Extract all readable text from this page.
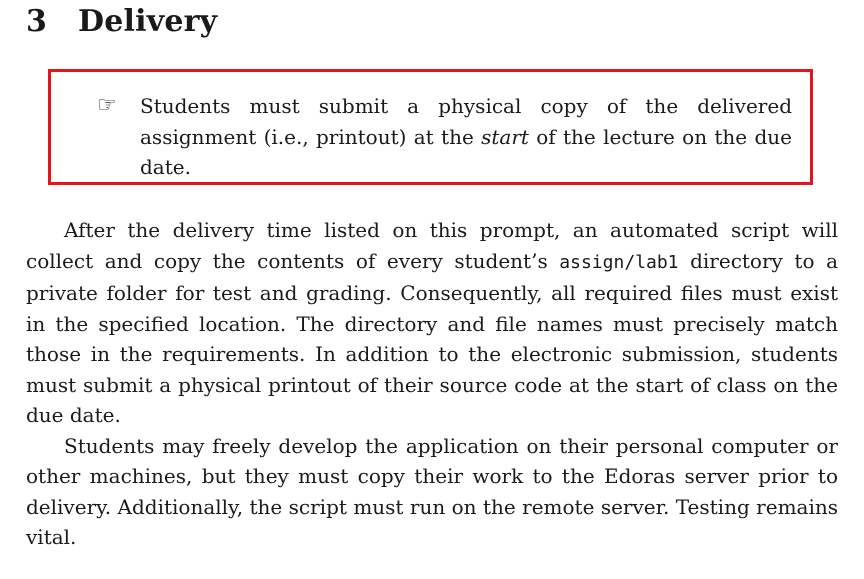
3 Delivery
☞ Students must submit a physical copy of the delivered assignment (i.e., printout) at the start of the lecture on the due date.

After the delivery time listed on this prompt, an automated script will collect and copy the contents of every student’s assign/lab1 directory to a private folder for test and grading. Consequently, all required files must exist in the specified location. The directory and file names must precisely match those in the requirements. In addition to the electronic submission, students must submit a physical printout of their source code at the start of class on the due date.

Students may freely develop the application on their personal computer or other machines, but they must copy their work to the Edoras server prior to delivery. Additionally, the script must run on the remote server. Testing remains vital.
